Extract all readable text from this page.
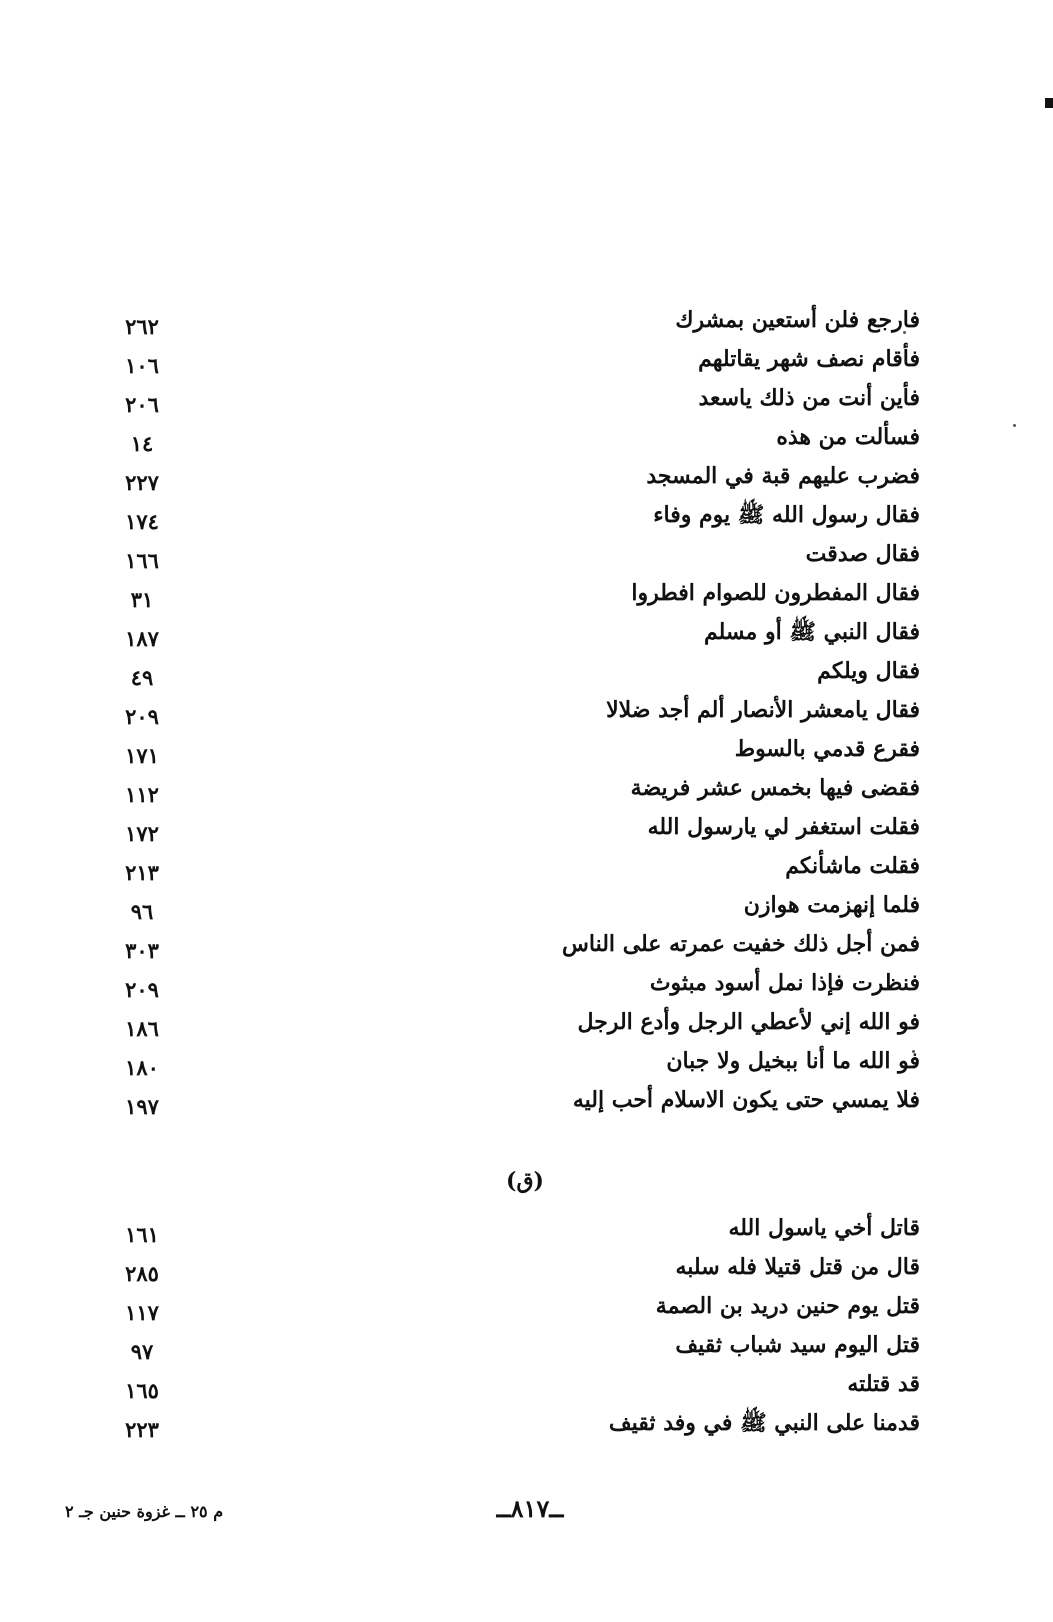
فارجع فلن أستعين بمشرك
٢٦٢
فأقام نصف شهر يقاتلهم
١٠٦
فأين أنت من ذلك ياسعد
٢٠٦
فسألت من هذه
١٤
فضرب عليهم قبة في المسجد
٢٢٧
فقال رسول الله ﷺ يوم وفاء
١٧٤
فقال صدقت
١٦٦
فقال المفطرون للصوام افطروا
٣١
فقال النبي ﷺ أو مسلم
١٨٧
فقال ويلكم
٤٩
فقال يامعشر الأنصار ألم أجد ضلالا
٢٠٩
فقرع قدمي بالسوط
١٧١
فقضى فيها بخمس عشر فريضة
١١٢
فقلت استغفر لي يارسول الله
١٧٢
فقلت ماشأنكم
٢١٣
فلما إنهزمت هوازن
٩٦
فمن أجل ذلك خفيت عمرته على الناس
٣٠٣
فنظرت فإذا نمل أسود مبثوث
٢٠٩
فو الله إني لأعطي الرجل وأدع الرجل
١٨٦
فو الله ما أنا ببخيل ولا جبان
١٨٠
فلا يمسي حتى يكون الاسلام أحب إليه
١٩٧
(ق)
قاتل أخي ياسول الله
١٦١
قال من قتل قتيلا فله سلبه
٢٨٥
قتل يوم حنين دريد بن الصمة
١١٧
قتل اليوم سيد شباب ثقيف
٩٧
قد قتلته
١٦٥
قدمنا على النبي ﷺ في وفد ثقيف
٢٢٣
م ٢٥ ــ غزوة حنين جـ ٢	ــ٨١٧ــ
